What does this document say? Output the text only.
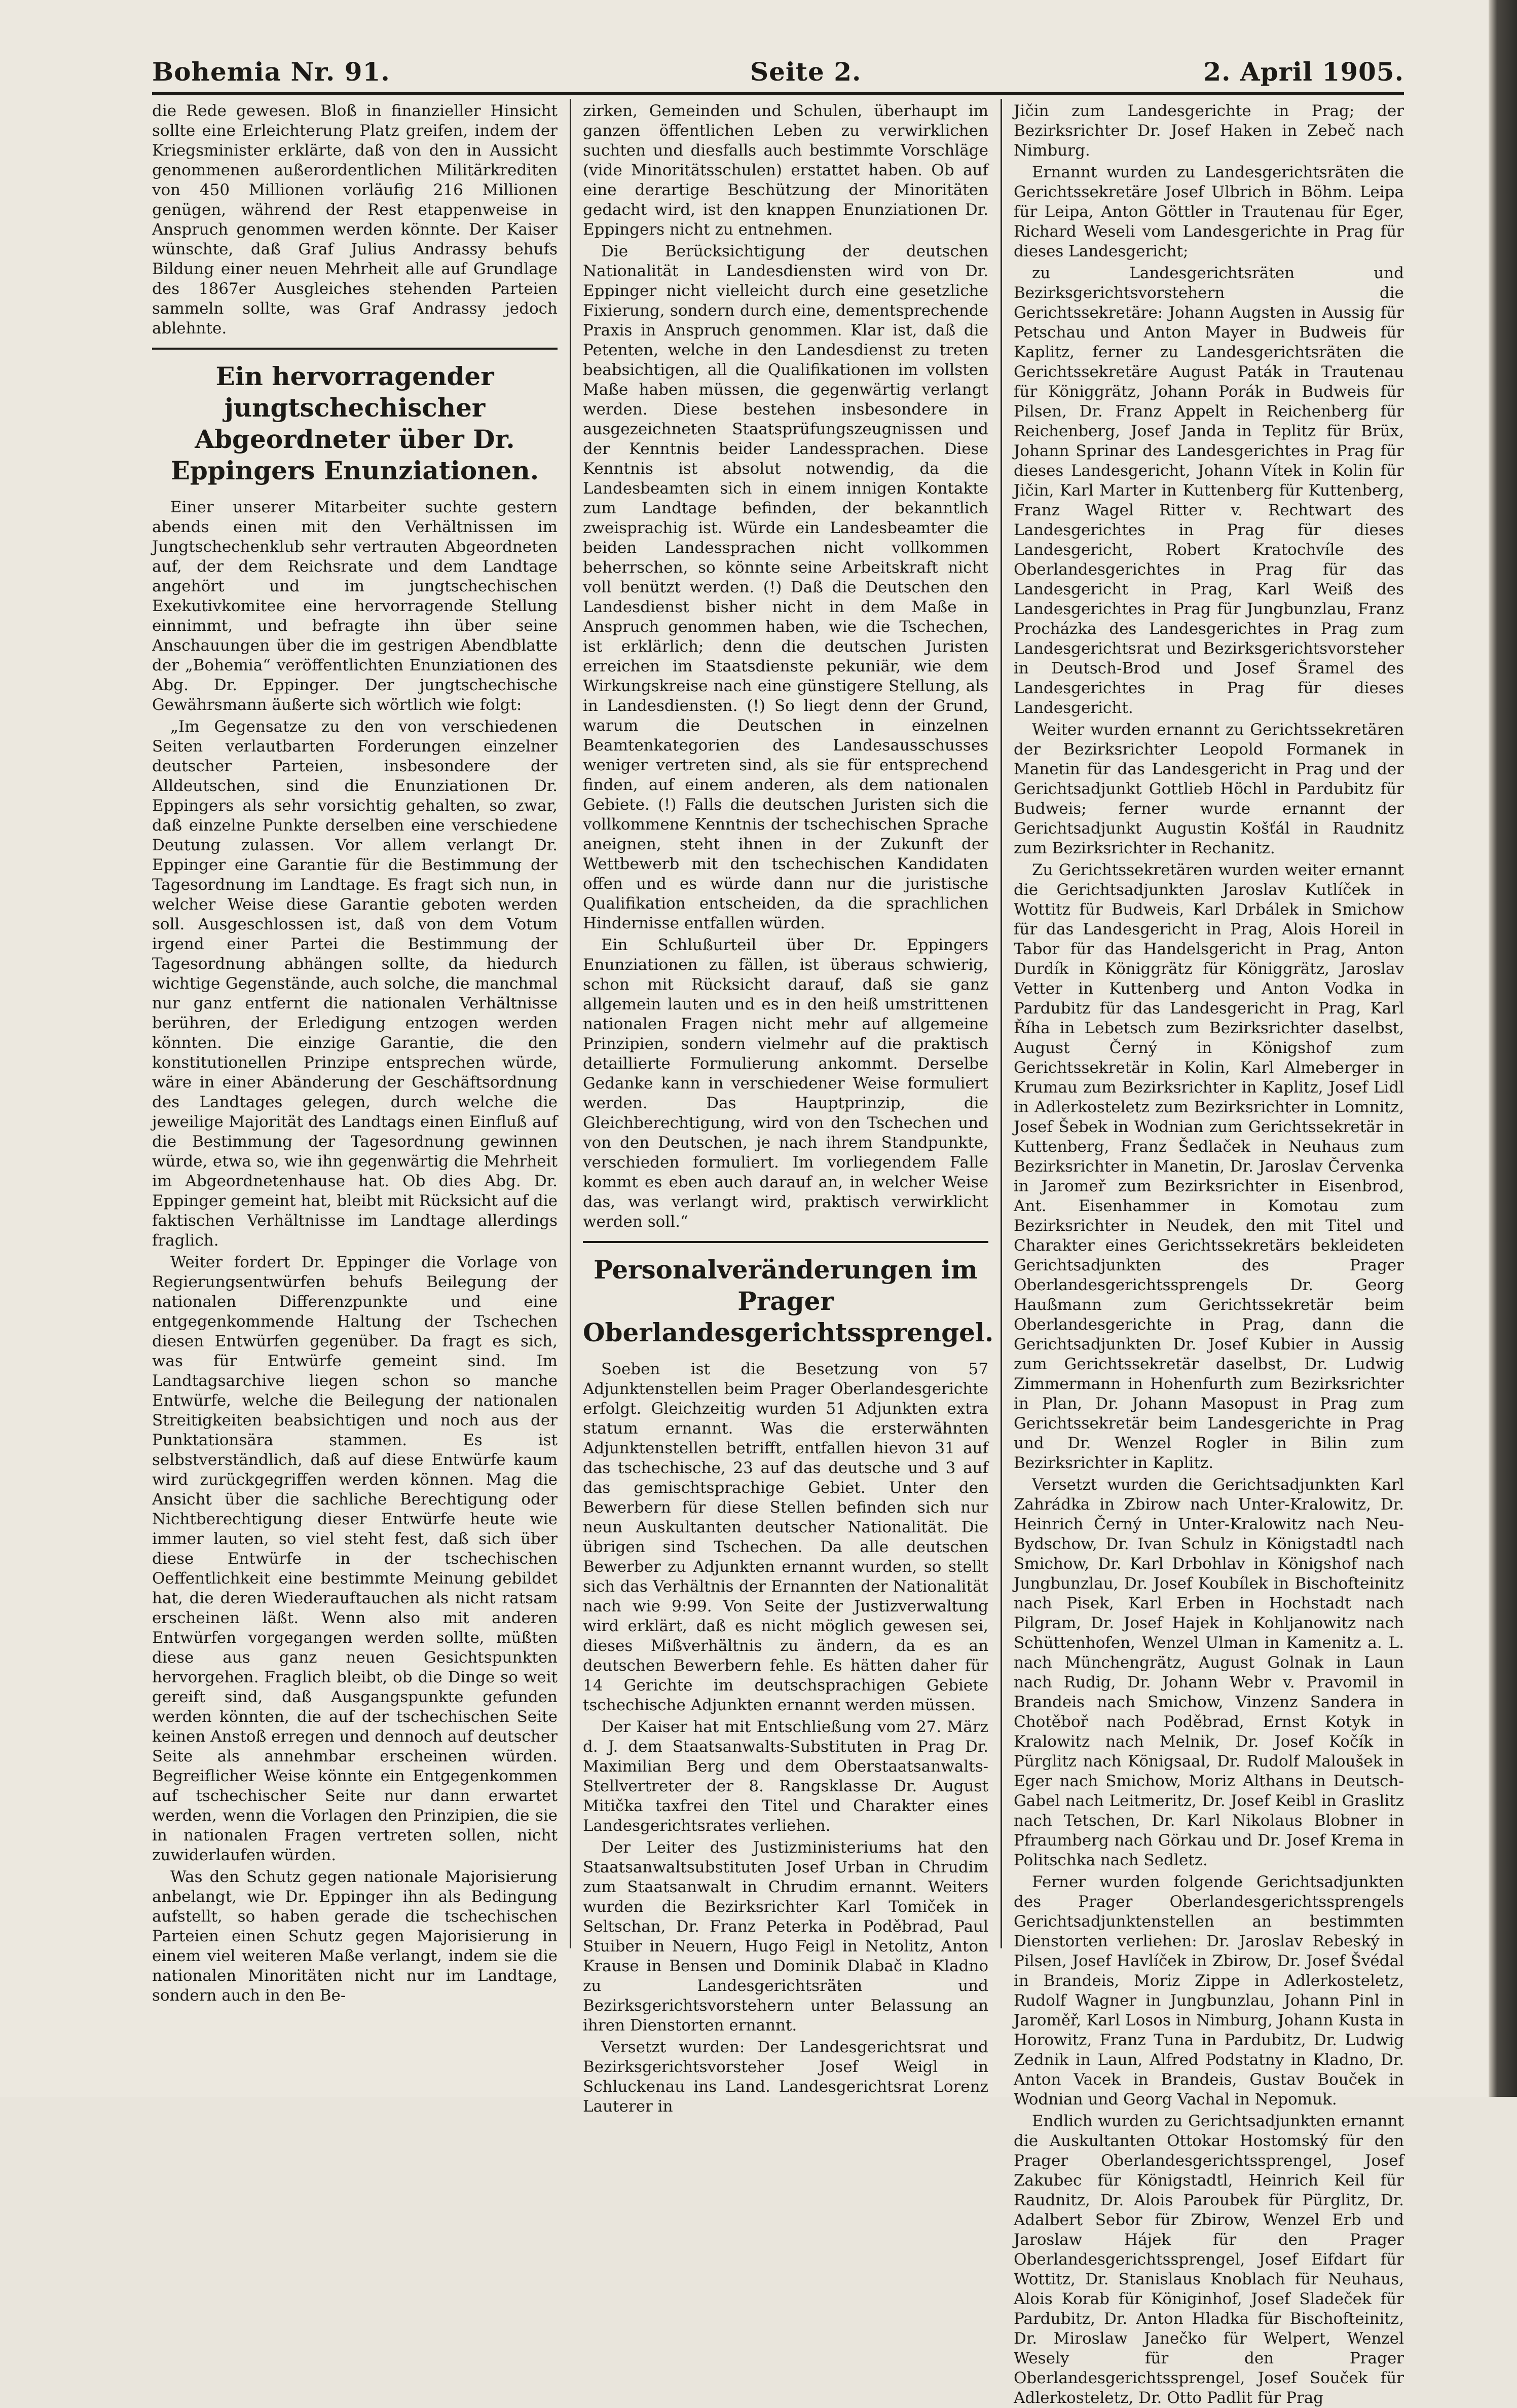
Bohemia Nr. 91.	Seite 2.	2. April 1905.

die Rede gewesen. Bloß in finanzieller Hinsicht sollte eine Erleichterung Platz greifen, indem der Kriegsminister erklärte, daß von den in Aussicht genommenen außerordentlichen Militärkrediten von 450 Millionen vorläufig 216 Millionen genügen, während der Rest etappenweise in Anspruch genommen werden könnte. Der Kaiser wünschte, daß Graf Julius Andrassy behufs Bildung einer neuen Mehrheit alle auf Grundlage des 1867er Ausgleiches stehenden Parteien sammeln sollte, was Graf Andrassy jedoch ablehnte.

Ein hervorragender jungtschechischer Abgeordneter über Dr. Eppingers Enunziationen.

Einer unserer Mitarbeiter suchte gestern abends einen mit den Verhältnissen im Jungtschechenklub sehr vertrauten Abgeordneten auf, der dem Reichsrate und dem Landtage angehört und im jungtschechischen Exekutivkomitee eine hervorragende Stellung einnimmt, und befragte ihn über seine Anschauungen über die im gestrigen Abendblatte der „Bohemia“ veröffentlichten Enunziationen des Abg. Dr. Eppinger. Der jungtschechische Gewährsmann äußerte sich wörtlich wie folgt:

„Im Gegensatze zu den von verschiedenen Seiten verlautbarten Forderungen einzelner deutscher Parteien, insbesondere der Alldeutschen, sind die Enunziationen Dr. Eppingers als sehr vorsichtig gehalten, so zwar, daß einzelne Punkte derselben eine verschiedene Deutung zulassen. Vor allem verlangt Dr. Eppinger eine Garantie für die Bestimmung der Tagesordnung im Landtage. Es fragt sich nun, in welcher Weise diese Garantie geboten werden soll. Ausgeschlossen ist, daß von dem Votum irgend einer Partei die Bestimmung der Tagesordnung abhängen sollte, da hiedurch wichtige Gegenstände, auch solche, die manchmal nur ganz entfernt die nationalen Verhältnisse berühren, der Erledigung entzogen werden könnten. Die einzige Garantie, die den konstitutionellen Prinzipe entsprechen würde, wäre in einer Abänderung der Geschäftsordnung des Landtages gelegen, durch welche die jeweilige Majorität des Landtags einen Einfluß auf die Bestimmung der Tagesordnung gewinnen würde, etwa so, wie ihn gegenwärtig die Mehrheit im Abgeordnetenhause hat. Ob dies Abg. Dr. Eppinger gemeint hat, bleibt mit Rücksicht auf die faktischen Verhältnisse im Landtage allerdings fraglich.

Weiter fordert Dr. Eppinger die Vorlage von Regierungsentwürfen behufs Beilegung der nationalen Differenzpunkte und eine entgegenkommende Haltung der Tschechen diesen Entwürfen gegenüber. Da fragt es sich, was für Entwürfe gemeint sind. Im Landtagsarchive liegen schon so manche Entwürfe, welche die Beilegung der nationalen Streitigkeiten beabsichtigen und noch aus der Punktationsära stammen. Es ist selbstverständlich, daß auf diese Entwürfe kaum wird zurückgegriffen werden können. Mag die Ansicht über die sachliche Berechtigung oder Nichtberechtigung dieser Entwürfe heute wie immer lauten, so viel steht fest, daß sich über diese Entwürfe in der tschechischen Oeffentlichkeit eine bestimmte Meinung gebildet hat, die deren Wiederauftauchen als nicht ratsam erscheinen läßt. Wenn also mit anderen Entwürfen vorgegangen werden sollte, müßten diese aus ganz neuen Gesichtspunkten hervorgehen. Fraglich bleibt, ob die Dinge so weit gereift sind, daß Ausgangspunkte gefunden werden könnten, die auf der tschechischen Seite keinen Anstoß erregen und dennoch auf deutscher Seite als annehmbar erscheinen würden. Begreiflicher Weise könnte ein Entgegenkommen auf tschechischer Seite nur dann erwartet werden, wenn die Vorlagen den Prinzipien, die sie in nationalen Fragen vertreten sollen, nicht zuwiderlaufen würden.

Was den Schutz gegen nationale Majorisierung anbelangt, wie Dr. Eppinger ihn als Bedingung aufstellt, so haben gerade die tschechischen Parteien einen Schutz gegen Majorisierung in einem viel weiteren Maße verlangt, indem sie die nationalen Minoritäten nicht nur im Landtage, sondern auch in den Be-

zirken, Gemeinden und Schulen, überhaupt im ganzen öffentlichen Leben zu verwirklichen suchten und diesfalls auch bestimmte Vorschläge (vide Minoritätsschulen) erstattet haben. Ob auf eine derartige Beschützung der Minoritäten gedacht wird, ist den knappen Enunziationen Dr. Eppingers nicht zu entnehmen.

Die Berücksichtigung der deutschen Nationalität in Landesdiensten wird von Dr. Eppinger nicht vielleicht durch eine gesetzliche Fixierung, sondern durch eine, dementsprechende Praxis in Anspruch genommen. Klar ist, daß die Petenten, welche in den Landesdienst zu treten beabsichtigen, all die Qualifikationen im vollsten Maße haben müssen, die gegenwärtig verlangt werden. Diese bestehen insbesondere in ausgezeichneten Staatsprüfungszeugnissen und der Kenntnis beider Landessprachen. Diese Kenntnis ist absolut notwendig, da die Landesbeamten sich in einem innigen Kontakte zum Landtage befinden, der bekanntlich zweisprachig ist. Würde ein Landesbeamter die beiden Landessprachen nicht vollkommen beherrschen, so könnte seine Arbeitskraft nicht voll benützt werden. (!) Daß die Deutschen den Landesdienst bisher nicht in dem Maße in Anspruch genommen haben, wie die Tschechen, ist erklärlich; denn die deutschen Juristen erreichen im Staatsdienste pekuniär, wie dem Wirkungskreise nach eine günstigere Stellung, als in Landesdiensten. (!) So liegt denn der Grund, warum die Deutschen in einzelnen Beamtenkategorien des Landesausschusses weniger vertreten sind, als sie für entsprechend finden, auf einem anderen, als dem nationalen Gebiete. (!) Falls die deutschen Juristen sich die vollkommene Kenntnis der tschechischen Sprache aneignen, steht ihnen in der Zukunft der Wettbewerb mit den tschechischen Kandidaten offen und es würde dann nur die juristische Qualifikation entscheiden, da die sprachlichen Hindernisse entfallen würden.

Ein Schlußurteil über Dr. Eppingers Enunziationen zu fällen, ist überaus schwierig, schon mit Rücksicht darauf, daß sie ganz allgemein lauten und es in den heiß umstrittenen nationalen Fragen nicht mehr auf allgemeine Prinzipien, sondern vielmehr auf die praktisch detaillierte Formulierung ankommt. Derselbe Gedanke kann in verschiedener Weise formuliert werden. Das Hauptprinzip, die Gleichberechtigung, wird von den Tschechen und von den Deutschen, je nach ihrem Standpunkte, verschieden formuliert. Im vorliegendem Falle kommt es eben auch darauf an, in welcher Weise das, was verlangt wird, praktisch verwirklicht werden soll.“

Personalveränderungen im Prager Oberlandesgerichtssprengel.

Soeben ist die Besetzung von 57 Adjunktenstellen beim Prager Oberlandesgerichte erfolgt. Gleichzeitig wurden 51 Adjunkten extra statum ernannt. Was die ersterwähnten Adjunktenstellen betrifft, entfallen hievon 31 auf das tschechische, 23 auf das deutsche und 3 auf das gemischtsprachige Gebiet. Unter den Bewerbern für diese Stellen befinden sich nur neun Auskultanten deutscher Nationalität. Die übrigen sind Tschechen. Da alle deutschen Bewerber zu Adjunkten ernannt wurden, so stellt sich das Verhältnis der Ernannten der Nationalität nach wie 9:99. Von Seite der Justizverwaltung wird erklärt, daß es nicht möglich gewesen sei, dieses Mißverhältnis zu ändern, da es an deutschen Bewerbern fehle. Es hätten daher für 14 Gerichte im deutschsprachigen Gebiete tschechische Adjunkten ernannt werden müssen.

Der Kaiser hat mit Entschließung vom 27. März d. J. dem Staatsanwalts-Substituten in Prag Dr. Maximilian Berg und dem Oberstaatsanwalts-Stellvertreter der 8. Rangsklasse Dr. August Mitička taxfrei den Titel und Charakter eines Landesgerichtsrates verliehen.

Der Leiter des Justizministeriums hat den Staatsanwaltsubstituten Josef Urban in Chrudim zum Staatsanwalt in Chrudim ernannt. Weiters wurden die Bezirksrichter Karl Tomiček in Seltschan, Dr. Franz Peterka in Poděbrad, Paul Stuiber in Neuern, Hugo Feigl in Netolitz, Anton Krause in Bensen und Dominik Dlabač in Kladno zu Landesgerichtsräten und Bezirksgerichtsvorstehern unter Belassung an ihren Dienstorten ernannt.

Versetzt wurden: Der Landesgerichtsrat und Bezirksgerichtsvorsteher Josef Weigl in Schluckenau ins Land. Landesgerichtsrat Lorenz Lauterer in

Jičin zum Landesgerichte in Prag; der Bezirksrichter Dr. Josef Haken in Zebeč nach Nimburg.

Ernannt wurden zu Landesgerichtsräten die Gerichtssekretäre Josef Ulbrich in Böhm. Leipa für Leipa, Anton Göttler in Trautenau für Eger, Richard Weseli vom Landesgerichte in Prag für dieses Landesgericht;

zu Landesgerichtsräten und Bezirksgerichtsvorstehern die Gerichtssekretäre: Johann Augsten in Aussig für Petschau und Anton Mayer in Budweis für Kaplitz, ferner zu Landesgerichtsräten die Gerichtssekretäre August Paták in Trautenau für Königgrätz, Johann Porák in Budweis für Pilsen, Dr. Franz Appelt in Reichenberg für Reichenberg, Josef Janda in Teplitz für Brüx, Johann Sprinar des Landesgerichtes in Prag für dieses Landesgericht, Johann Vítek in Kolin für Jičin, Karl Marter in Kuttenberg für Kuttenberg, Franz Wagel Ritter v. Rechtwart des Landesgerichtes in Prag für dieses Landesgericht, Robert Kratochvíle des Oberlandesgerichtes in Prag für das Landesgericht in Prag, Karl Weiß des Landesgerichtes in Prag für Jungbunzlau, Franz Procházka des Landesgerichtes in Prag zum Landesgerichtsrat und Bezirksgerichtsvorsteher in Deutsch-Brod und Josef Šramel des Landesgerichtes in Prag für dieses Landesgericht.

Weiter wurden ernannt zu Gerichtssekretären der Bezirksrichter Leopold Formanek in Manetin für das Landesgericht in Prag und der Gerichtsadjunkt Gottlieb Höchl in Pardubitz für Budweis; ferner wurde ernannt der Gerichtsadjunkt Augustin Košťál in Raudnitz zum Bezirksrichter in Rechanitz.

Zu Gerichtssekretären wurden weiter ernannt die Gerichtsadjunkten Jaroslav Kutlíček in Wottitz für Budweis, Karl Drbálek in Smichow für das Landesgericht in Prag, Alois Horeil in Tabor für das Handelsgericht in Prag, Anton Durdík in Königgrätz für Königgrätz, Jaroslav Vetter in Kuttenberg und Anton Vodka in Pardubitz für das Landesgericht in Prag, Karl Říha in Lebetsch zum Bezirksrichter daselbst, August Černý in Königshof zum Gerichtssekretär in Kolin, Karl Almeberger in Krumau zum Bezirksrichter in Kaplitz, Josef Lidl in Adlerkosteletz zum Bezirksrichter in Lomnitz, Josef Šebek in Wodnian zum Gerichtssekretär in Kuttenberg, Franz Šedlaček in Neuhaus zum Bezirksrichter in Manetin, Dr. Jaroslav Červenka in Jaromeř zum Bezirksrichter in Eisenbrod, Ant. Eisenhammer in Komotau zum Bezirksrichter in Neudek, den mit Titel und Charakter eines Gerichtssekretärs bekleideten Gerichtsadjunkten des Prager Oberlandesgerichtssprengels Dr. Georg Haußmann zum Gerichtssekretär beim Oberlandesgerichte in Prag, dann die Gerichtsadjunkten Dr. Josef Kubier in Aussig zum Gerichtssekretär daselbst, Dr. Ludwig Zimmermann in Hohenfurth zum Bezirksrichter in Plan, Dr. Johann Masopust in Prag zum Gerichtssekretär beim Landesgerichte in Prag und Dr. Wenzel Rogler in Bilin zum Bezirksrichter in Kaplitz.

Versetzt wurden die Gerichtsadjunkten Karl Zahrádka in Zbirow nach Unter-Kralowitz, Dr. Heinrich Černý in Unter-Kralowitz nach Neu-Bydschow, Dr. Ivan Schulz in Königstadtl nach Smichow, Dr. Karl Drbohlav in Königshof nach Jungbunzlau, Dr. Josef Koubílek in Bischofteinitz nach Pisek, Karl Erben in Hochstadt nach Pilgram, Dr. Josef Hajek in Kohljanowitz nach Schüttenhofen, Wenzel Ulman in Kamenitz a. L. nach Münchengrätz, August Golnak in Laun nach Rudig, Dr. Johann Webr v. Pravomil in Brandeis nach Smichow, Vinzenz Sandera in Chotěboř nach Poděbrad, Ernst Kotyk in Kralowitz nach Melnik, Dr. Josef Kočík in Pürglitz nach Königsaal, Dr. Rudolf Maloušek in Eger nach Smichow, Moriz Althans in Deutsch-Gabel nach Leitmeritz, Dr. Josef Keibl in Graslitz nach Tetschen, Dr. Karl Nikolaus Blobner in Pfraumberg nach Görkau und Dr. Josef Krema in Politschka nach Sedletz.

Ferner wurden folgende Gerichtsadjunkten des Prager Oberlandesgerichtssprengels Gerichtsadjunktenstellen an bestimmten Dienstorten verliehen: Dr. Jaroslav Rebeský in Pilsen, Josef Havlíček in Zbirow, Dr. Josef Švédal in Brandeis, Moriz Zippe in Adlerkosteletz, Rudolf Wagner in Jungbunzlau, Johann Pinl in Jaroměř, Karl Losos in Nimburg, Johann Kusta in Horowitz, Franz Tuna in Pardubitz, Dr. Ludwig Zednik in Laun, Alfred Podstatny in Kladno, Dr. Anton Vacek in Brandeis, Gustav Bouček in Wodnian und Georg Vachal in Nepomuk.

Endlich wurden zu Gerichtsadjunkten ernannt die Auskultanten Ottokar Hostomský für den Prager Oberlandesgerichtssprengel, Josef Zakubec für Königstadtl, Heinrich Keil für Raudnitz, Dr. Alois Paroubek für Pürglitz, Dr. Adalbert Sebor für Zbirow, Wenzel Erb und Jaroslaw Hájek für den Prager Oberlandesgerichtssprengel, Josef Eifdart für Wottitz, Dr. Stanislaus Knoblach für Neuhaus, Alois Korab für Königinhof, Josef Sladeček für Pardubitz, Dr. Anton Hladka für Bischofteinitz, Dr. Miroslaw Janečko für Welpert, Wenzel Wesely für den Prager Oberlandesgerichtssprengel, Josef Souček für Adlerkosteletz, Dr. Otto Padlit für Prag
